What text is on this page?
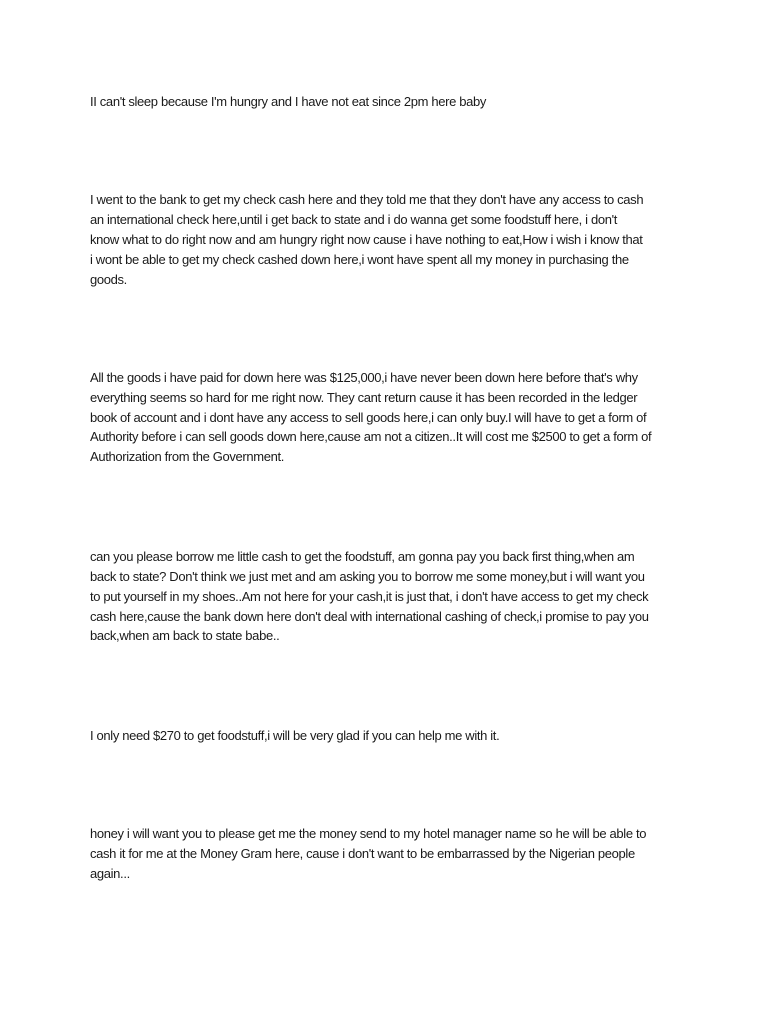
II can't sleep because I'm hungry and I have not eat since 2pm here baby
I went to the bank to get my check cash here and they told me that they don't have any access to cash
an international check here,until i get back to state and i do wanna get some foodstuff here, i don't
know what to do right now and am hungry right now cause i have nothing to eat,How i wish i know that
i wont be able to get my check cashed down here,i wont have spent all my money in purchasing the
goods.
All the goods i have paid for down here was $125,000,i have never been down here before that's why
everything seems so hard for me right now. They cant return cause it has been recorded in the ledger
book of account and i dont have any access to sell goods here,i can only buy.I will have to get a form of
Authority before i can sell goods down here,cause am not a citizen..It will cost me $2500 to get a form of
Authorization from the Government.
can you please borrow me little cash to get the foodstuff, am gonna pay you back first thing,when am
back to state? Don't think we just met and am asking you to borrow me some money,but i will want you
to put yourself in my shoes..Am not here for your cash,it is just that, i don't have access to get my check
cash here,cause the bank down here don't deal with international cashing of check,i promise to pay you
back,when am back to state babe..
I only need $270 to get foodstuff,i will be very glad if you can help me with it.
honey i will want you to please get me the money send to my hotel manager name so he will be able to
cash it for me at the Money Gram here, cause i don't want to be embarrassed by the Nigerian people
again...
